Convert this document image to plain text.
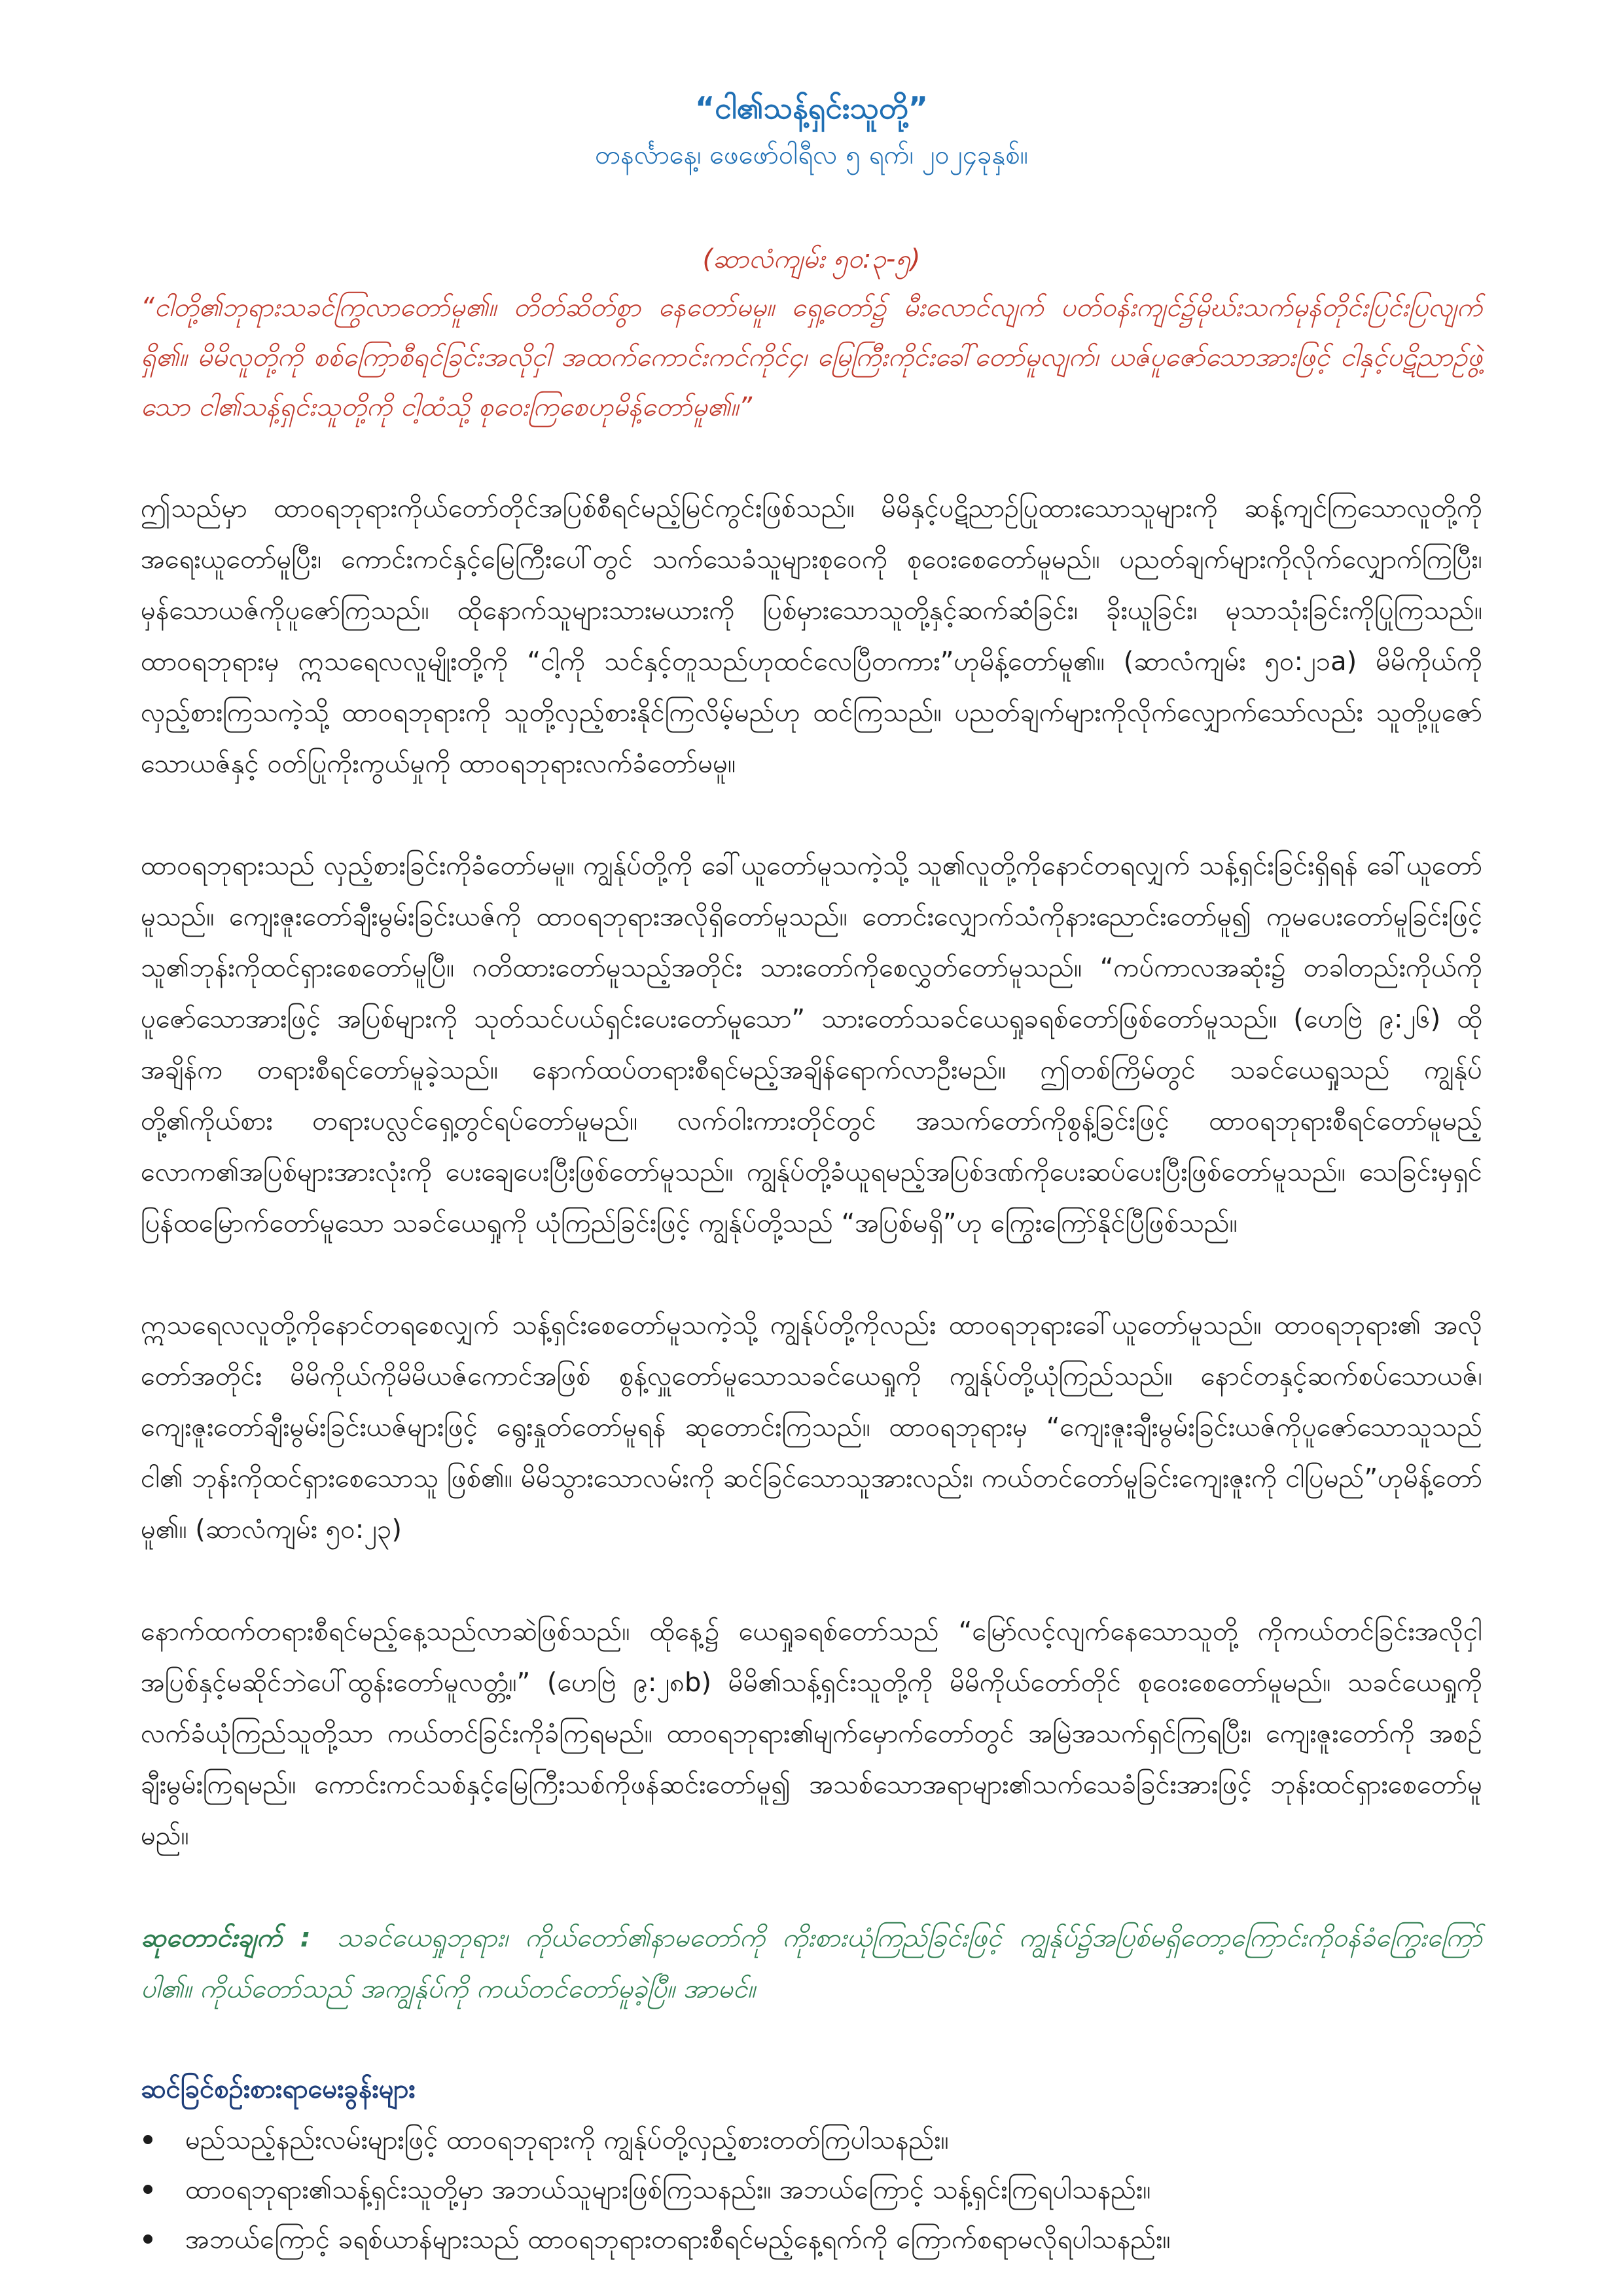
“ငါ၏သန့်ရှင်းသူတို့”

တနင်္လာနေ့၊ ဖေဖော်ဝါရီလ ၅ ရက်၊ ၂၀၂၄ခုနှစ်။

(ဆာလံကျမ်း ၅၀:၃-၅)

“ငါတို့၏ဘုရားသခင်ကြွလာတော်မူ၏။ တိတ်ဆိတ်စွာ နေတော်မမူ။ ရှေ့တော်၌ မီးလောင်လျက် ပတ်ဝန်းကျင်၌မိုဃ်းသက်မုန်တိုင်းပြင်းပြလျက်ရှိ၏။ မိမိလူတို့ကို စစ်ကြောစီရင်ခြင်းအလိုငှါ အထက်ကောင်းကင်ကိုင်၄၊ မြေကြီးကိုင်းခေါ်တော်မူလျက်၊ ယဇ်ပူဇော်သောအားဖြင့် ငါနှင့်ပဋိညာဉ်ဖွဲ့သော ငါ၏သန့်ရှင်းသူတို့ကို ငါ့ထံသို့ စုဝေးကြစေဟုမိန့်တော်မူ၏။”

ဤသည်မှာ ထာဝရဘုရားကိုယ်တော်တိုင်အပြစ်စီရင်မည့်မြင်ကွင်းဖြစ်သည်။ မိမိနှင့်ပဋိညာဉ်ပြုထားသောသူများကို ဆန့်ကျင်ကြသောလူတို့ကို အရေးယူတော်မူပြီး၊ ကောင်းကင်နှင့်မြေကြီးပေါ်တွင် သက်သေခံသူများစုဝေကို စုဝေးစေတော်မူမည်။ ပညတ်ချက်များကိုလိုက်လျှောက်ကြပြီး၊ မှန်သောယဇ်ကိုပူဇော်ကြသည်။ ထိုနောက်သူများသားမယားကို ပြစ်မှားသောသူတို့နှင့်ဆက်ဆံခြင်း၊ ခိုးယူခြင်း၊ မုသာသုံးခြင်းကိုပြုကြသည်။ ထာဝရဘုရားမှ ဣသရေလလူမျိုးတို့ကို “ငါ့ကို သင်နှင့်တူသည်ဟုထင်လေပြီတကား”ဟုမိန့်တော်မူ၏။ (ဆာလံကျမ်း ၅၀:၂၁a) မိမိကိုယ်ကို လှည့်စားကြသကဲ့သို့ ထာဝရဘုရားကို သူတို့လှည့်စားနိုင်ကြလိမ့်မည်ဟု ထင်ကြသည်။ ပညတ်ချက်များကိုလိုက်လျှောက်သော်လည်း သူတို့ပူဇော်သောယဇ်နှင့် ဝတ်ပြုကိုးကွယ်မှုကို ထာဝရဘုရားလက်ခံတော်မမူ။

ထာဝရဘုရားသည် လှည့်စားခြင်းကိုခံတော်မမူ။ ကျွန်ုပ်တို့ကို ခေါ်ယူတော်မူသကဲ့သို့ သူ၏လူတို့ကိုနောင်တရလျှက် သန့်ရှင်းခြင်းရှိရန် ခေါ်ယူတော်မူသည်။ ကျေးဇူးတော်ချီးမွမ်းခြင်းယဇ်ကို ထာဝရဘုရားအလိုရှိတော်မူသည်။ တောင်းလျှောက်သံကိုနားညောင်းတော်မူ၍ ကူမပေးတော်မူခြင်းဖြင့် သူ၏ဘုန်းကိုထင်ရှားစေတော်မူပြီ။ ဂတိထားတော်မူသည့်အတိုင်း သားတော်ကိုစေလွှတ်တော်မူသည်။ “ကပ်ကာလအဆုံး၌ တခါတည်းကိုယ်ကို ပူဇော်သောအားဖြင့် အပြစ်များကို သုတ်သင်ပယ်ရှင်းပေးတော်မူသော” သားတော်သခင်ယေရှုခရစ်တော်ဖြစ်တော်မူသည်။ (ဟေဗြဲ ၉:၂၆) ထိုအချိန်က တရားစီရင်တော်မူခဲ့သည်။ နောက်ထပ်တရားစီရင်မည့်အချိန်ရောက်လာဦးမည်။ ဤတစ်ကြိမ်တွင် သခင်ယေရှုသည် ကျွန်ုပ်တို့၏ကိုယ်စား တရားပလ္လင်ရှေ့တွင်ရပ်တော်မူမည်။ လက်ဝါးကားတိုင်တွင် အသက်တော်ကိုစွန့်ခြင်းဖြင့် ထာဝရဘုရားစီရင်တော်မူမည့်လောက၏အပြစ်များအားလုံးကို ပေးချေပေးပြီးဖြစ်တော်မူသည်။ ကျွန်ုပ်တို့ခံယူရမည့်အပြစ်ဒဏ်ကိုပေးဆပ်ပေးပြီးဖြစ်တော်မူသည်။ သေခြင်းမှရှင်ပြန်ထမြောက်တော်မူသော သခင်ယေရှုကို ယုံကြည်ခြင်းဖြင့် ကျွန်ုပ်တို့သည် “အပြစ်မရှိ”ဟု ကြွေးကြော်နိုင်ပြီဖြစ်သည်။

ဣသရေလလူတို့ကိုနောင်တရစေလျှက် သန့်ရှင်းစေတော်မူသကဲ့သို့ ကျွန်ုပ်တို့ကိုလည်း ထာဝရဘုရားခေါ်ယူတော်မူသည်။ ထာဝရဘုရား၏ အလိုတော်အတိုင်း မိမိကိုယ်ကိုမိမိယဇ်ကောင်အဖြစ် စွန့်လှူတော်မူသောသခင်ယေရှုကို ကျွန်ုပ်တို့ယုံကြည်သည်။ နောင်တနှင့်ဆက်စပ်သောယဇ်၊ ကျေးဇူးတော်ချီးမွမ်းခြင်းယဇ်များဖြင့် ရွေးနှုတ်တော်မူရန် ဆုတောင်းကြသည်။ ထာဝရဘုရားမှ “ကျေးဇူးချီးမွမ်းခြင်းယဇ်ကိုပူဇော်သောသူသည် ငါ၏ ဘုန်းကိုထင်ရှားစေသောသူ ဖြစ်၏။ မိမိသွားသောလမ်းကို ဆင်ခြင်သောသူအားလည်း၊ ကယ်တင်တော်မူခြင်းကျေးဇူးကို ငါပြမည်”ဟုမိန့်တော်မူ၏။ (ဆာလံကျမ်း ၅၀:၂၃)

နောက်ထက်တရားစီရင်မည့်နေ့သည်လာဆဲဖြစ်သည်။ ထိုနေ့၌ ယေရှုခရစ်တော်သည် “မြော်လင့်လျက်နေသောသူတို့ ကိုကယ်တင်ခြင်းအလိုငှါ အပြစ်နှင့်မဆိုင်ဘဲပေါ်ထွန်းတော်မူလတ္တံ့။” (ဟေဗြဲ ၉:၂၈b) မိမိ၏သန့်ရှင်းသူတို့ကို မိမိကိုယ်တော်တိုင် စုဝေးစေတော်မူမည်။ သခင်ယေရှုကို လက်ခံယုံကြည်သူတို့သာ ကယ်တင်ခြင်းကိုခံကြရမည်။ ထာဝရဘုရား၏မျက်မှောက်တော်တွင် အမြဲအသက်ရှင်ကြရပြီး၊ ကျေးဇူးတော်ကို အစဉ်ချီးမွမ်းကြရမည်။ ကောင်းကင်သစ်နှင့်မြေကြီးသစ်ကိုဖန်ဆင်းတော်မူ၍ အသစ်သောအရာများ၏သက်သေခံခြင်းအားဖြင့် ဘုန်းထင်ရှားစေတော်မူမည်။

ဆုတောင်းချက် : သခင်ယေရှုဘုရား၊ ကိုယ်တော်၏နာမတော်ကို ကိုးစားယုံကြည်ခြင်းဖြင့် ကျွန်ုပ်၌အပြစ်မရှိတော့ကြောင်းကိုဝန်ခံကြွေးကြော် ပါ၏။ ကိုယ်တော်သည် အကျွန်ုပ်ကို ကယ်တင်တော်မူခဲ့ပြီ။ အာမင်။

ဆင်ခြင်စဉ်းစားရာမေးခွန်းများ

မည်သည့်နည်းလမ်းများဖြင့် ထာဝရဘုရားကို ကျွန်ုပ်တို့လှည့်စားတတ်ကြပါသနည်း။
ထာဝရဘုရား၏သန့်ရှင်းသူတို့မှာ အဘယ်သူများဖြစ်ကြသနည်း။ အဘယ်ကြောင့် သန့်ရှင်းကြရပါသနည်း။
အဘယ်ကြောင့် ခရစ်ယာန်များသည် ထာဝရဘုရားတရားစီရင်မည့်နေ့ရက်ကို ကြောက်စရာမလိုရပါသနည်း။
